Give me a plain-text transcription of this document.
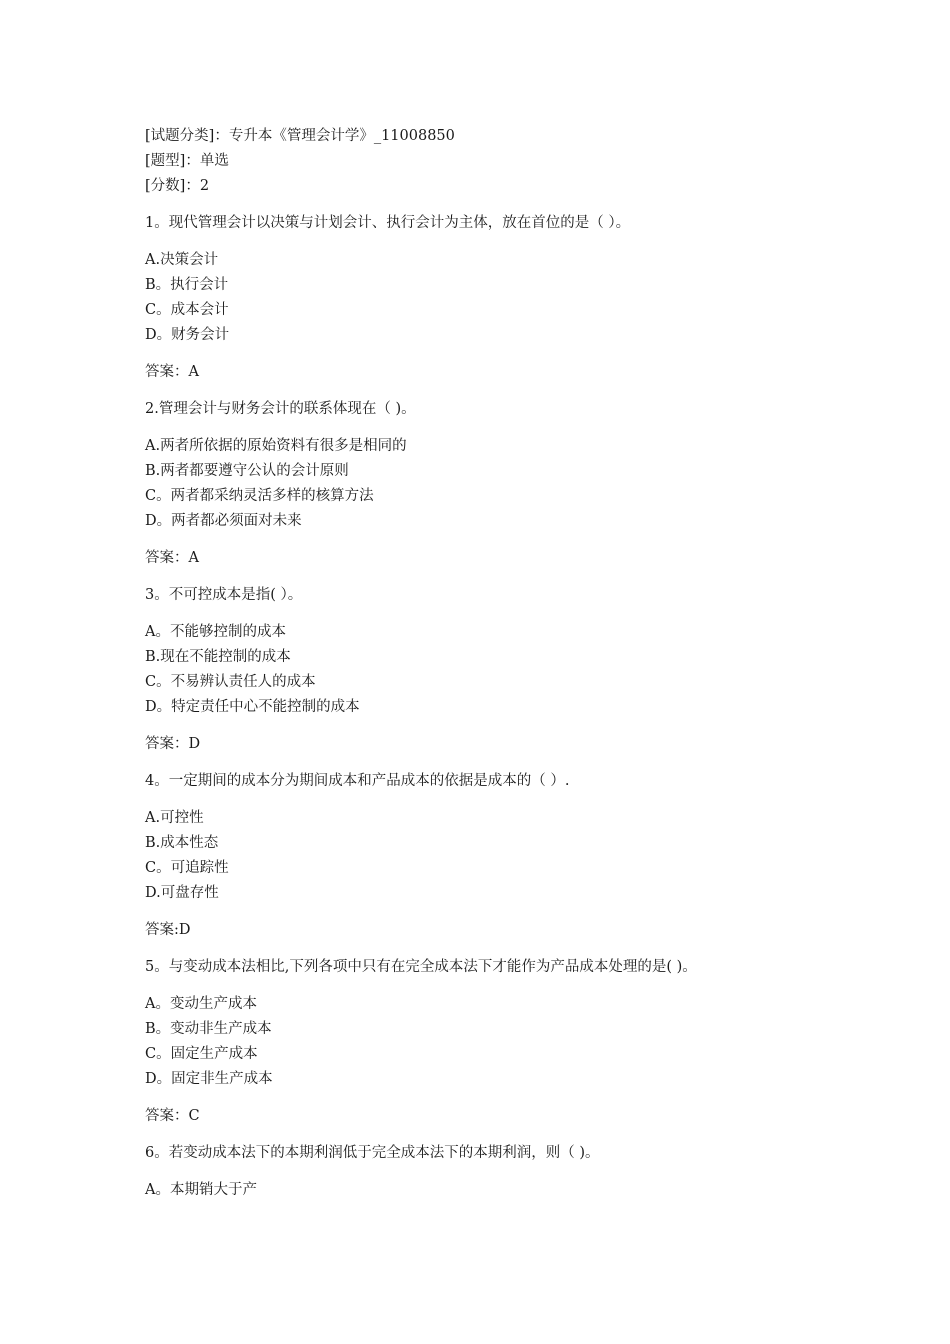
[试题分类]：专升本《管理会计学》_11008850
[题型]：单选
[分数]：2
1。现代管理会计以决策与计划会计、执行会计为主体，放在首位的是（ ）。
A.决策会计
B。执行会计
C。成本会计
D。财务会计
答案：A
2.管理会计与财务会计的联系体现在（ )。
A.两者所依据的原始资料有很多是相同的
B.两者都要遵守公认的会计原则
C。两者都采纳灵活多样的核算方法
D。两者都必须面对未来
答案：A
3。不可控成本是指( ）。
A。不能够控制的成本
B.现在不能控制的成本
C。不易辨认责任人的成本
D。特定责任中心不能控制的成本
答案：D
4。一定期间的成本分为期间成本和产品成本的依据是成本的（ ）.
A.可控性
B.成本性态
C。可追踪性
D.可盘存性
答案:D
5。与变动成本法相比,下列各项中只有在完全成本法下才能作为产品成本处理的是( )。
A。变动生产成本
B。变动非生产成本
C。固定生产成本
D。固定非生产成本
答案：C
6。若变动成本法下的本期利润低于完全成本法下的本期利润，则（ )。
A。本期销大于产
